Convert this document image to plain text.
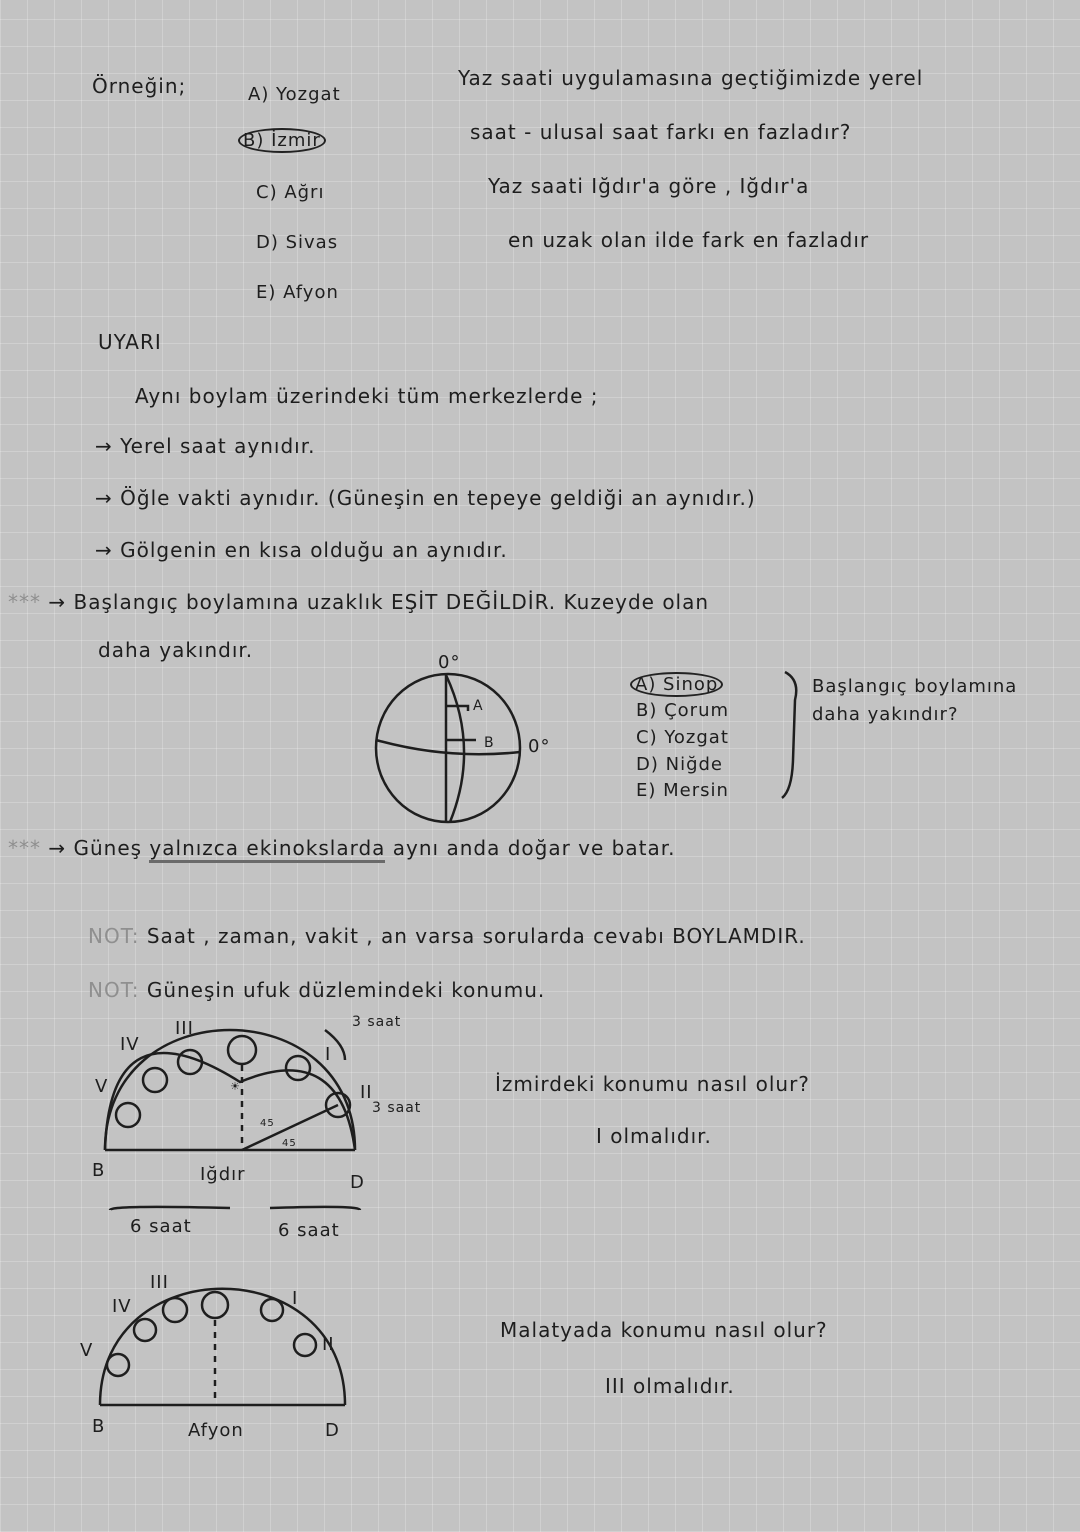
☀
Örneğin;	A) Yozgat
B) İzmir
C) Ağrı
D) Sivas
E) Afyon
Yaz saati uygulamasına geçtiğimizde yerel
saat - ulusal saat farkı en fazladır?
Yaz saati Iğdır'a göre , Iğdır'a
en uzak olan ilde fark en fazladır
UYARI
Aynı boylam üzerindeki tüm merkezlerde ;
→ Yerel saat aynıdır.
→ Öğle vakti aynıdır. (Güneşin en tepeye geldiği an aynıdır.)
→ Gölgenin en kısa olduğu an aynıdır.
*** → Başlangıç boylamına uzaklık EŞİT DEĞİLDİR. Kuzeyde olan
daha yakındır.
0°
0°
A
B
A) Sinop
B) Çorum
C) Yozgat
D) Niğde
E) Mersin
Başlangıç boylamına
daha yakındır?
*** → Güneş yalnızca ekinokslarda aynı anda doğar ve batar.
NOT: Saat , zaman, vakit , an varsa sorularda cevabı BOYLAMDIR.
NOT: Güneşin ufuk düzlemindeki konumu.
IV
III
I
V	II
3 saat
3 saat
45
45
B
D
Iğdır
6 saat	6 saat
İzmirdeki konumu nasıl olur?
I olmalıdır.
III
IV	I
V	II
B	D
Afyon
Malatyada konumu nasıl olur?
III olmalıdır.
